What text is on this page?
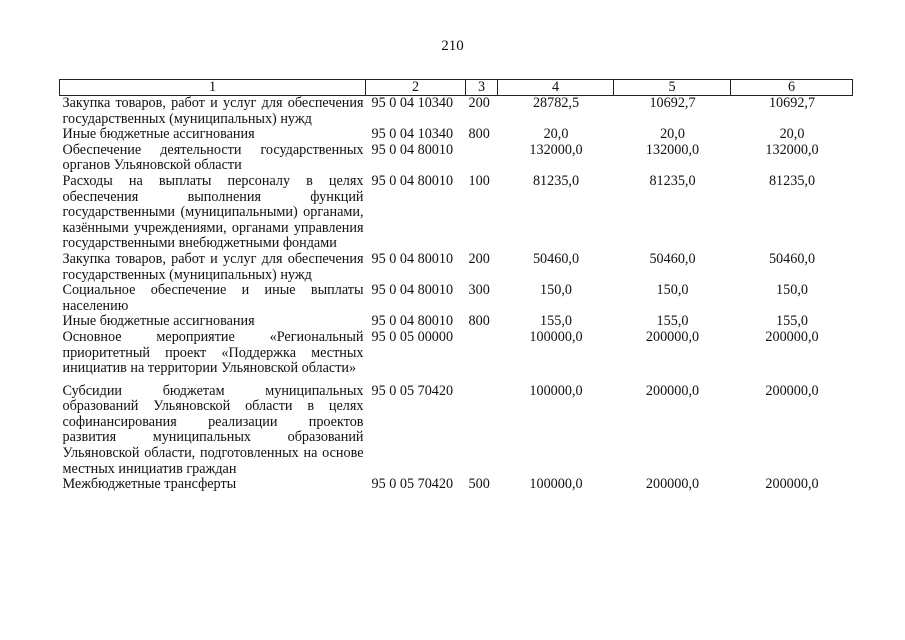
210
1	2	3	4	5	6
Закупка товаров, работ и услуг для обеспечения государственных (муниципальных) нужд	95 0 04 10340	200	28782,5	10692,7	10692,7
Иные бюджетные ассигнования	95 0 04 10340	800	20,0	20,0	20,0
Обеспечение деятельности государственных органов Ульяновской области	95 0 04 80010		132000,0	132000,0	132000,0
Расходы на выплаты персоналу в целях обеспечения выполнения функций государственными (муниципальными) органами, казёнными учреждениями, органами управления государственными внебюджетными фондами	95 0 04 80010	100	81235,0	81235,0	81235,0
Закупка товаров, работ и услуг для обеспечения государственных (муниципальных) нужд	95 0 04 80010	200	50460,0	50460,0	50460,0
Социальное обеспечение и иные выплаты населению	95 0 04 80010	300	150,0	150,0	150,0
Иные бюджетные ассигнования	95 0 04 80010	800	155,0	155,0	155,0
Основное мероприятие «Региональный приоритетный проект «Поддержка местных инициатив на территории Ульяновской области»	95 0 05 00000		100000,0	200000,0	200000,0
Субсидии бюджетам муниципальных образований Ульяновской области в целях софинансирования реализации проектов развития муниципальных образований Ульяновской области, подготовленных на основе местных инициатив граждан	95 0 05 70420		100000,0	200000,0	200000,0
Межбюджетные трансферты	95 0 05 70420	500	100000,0	200000,0	200000,0
